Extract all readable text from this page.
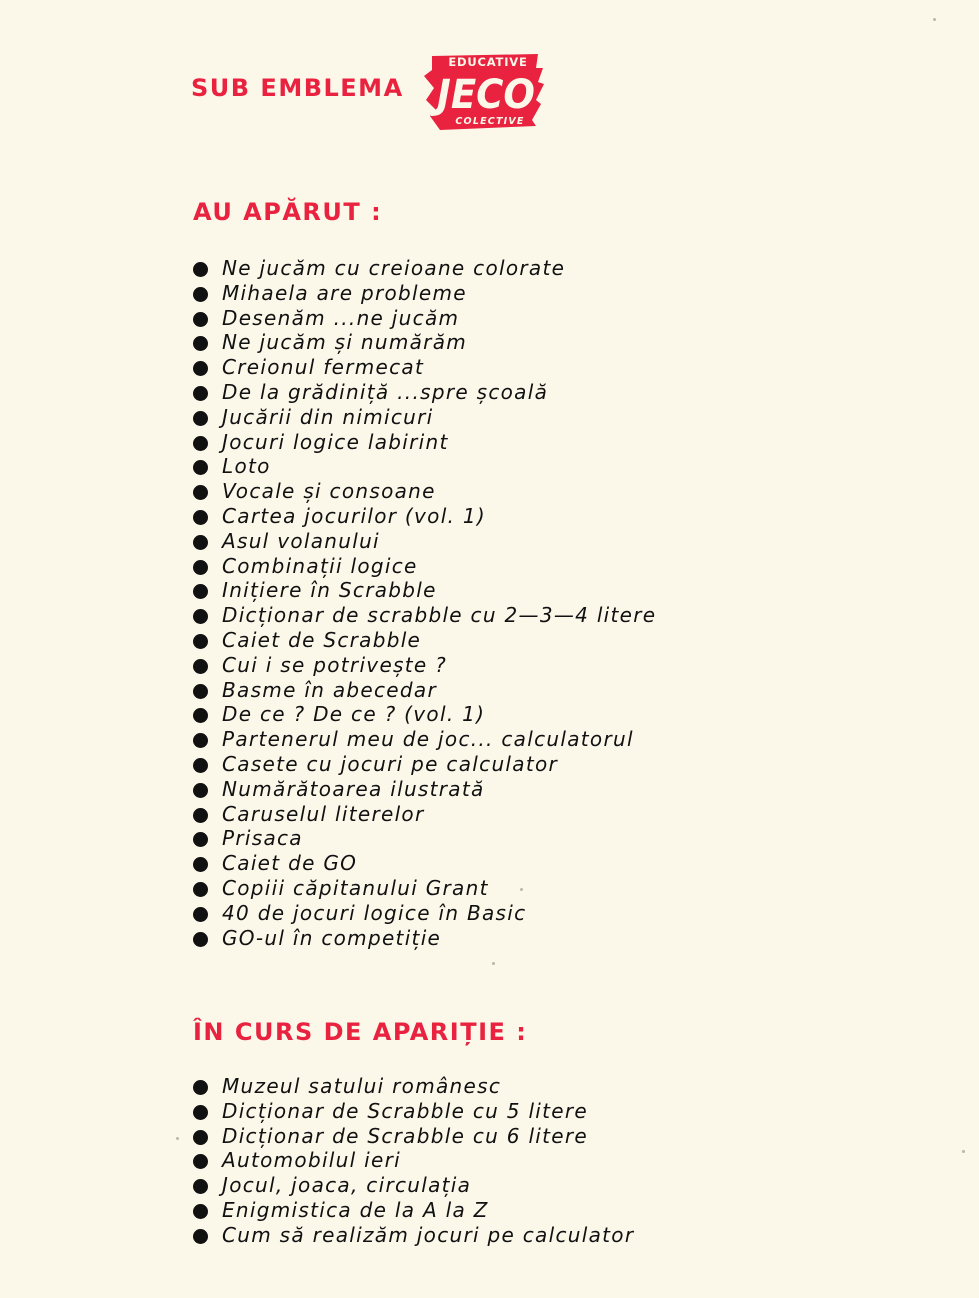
SUB EMBLEMA
EDUCATIVE
JECO
COLECTIVE
AU APĂRUT :
Ne jucăm cu creioane colorate
Mihaela are probleme
Desenăm ...ne jucăm
Ne jucăm și numărăm
Creionul fermecat
De la grădiniță ...spre școală
Jucării din nimicuri
Jocuri logice labirint
Loto
Vocale și consoane
Cartea jocurilor (vol. 1)
Asul volanului
Combinații logice
Inițiere în Scrabble
Dicționar de scrabble cu 2—3—4 litere
Caiet de Scrabble
Cui i se potrivește ?
Basme în abecedar
De ce ? De ce ? (vol. 1)
Partenerul meu de joc... calculatorul
Casete cu jocuri pe calculator
Numărătoarea ilustrată
Caruselul literelor
Prisaca
Caiet de GO
Copiii căpitanului Grant
40 de jocuri logice în Basic
GO-ul în competiție
ÎN CURS DE APARIȚIE :
Muzeul satului românesc
Dicționar de Scrabble cu 5 litere
Dicționar de Scrabble cu 6 litere
Automobilul ieri
Jocul, joaca, circulația
Enigmistica de la A la Z
Cum să realizăm jocuri pe calculator
